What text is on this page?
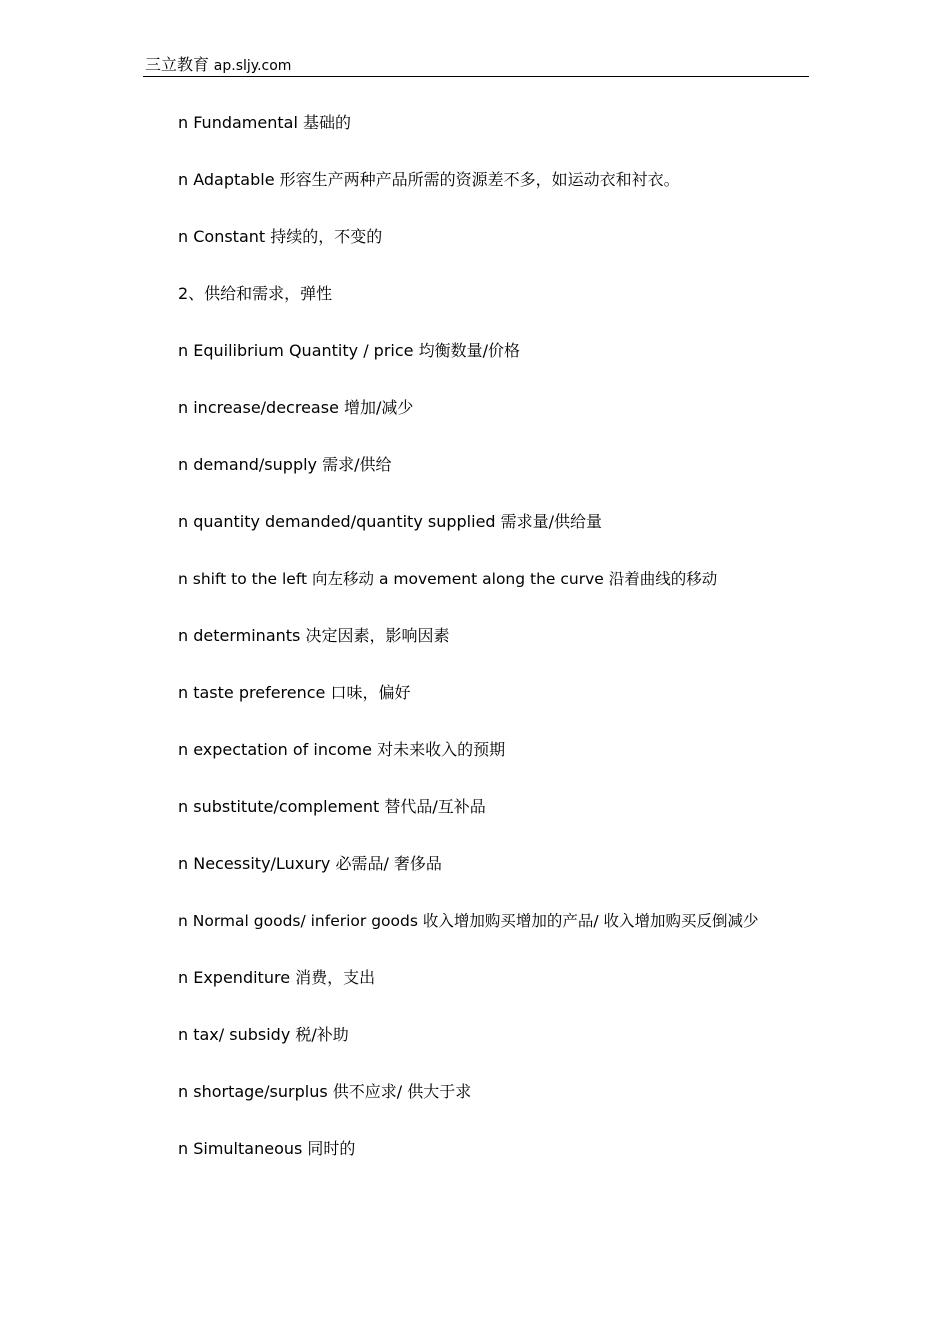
三立教育 ap.sljy.com
n Fundamental 基础的
n Adaptable 形容生产两种产品所需的资源差不多，如运动衣和衬衣。
n Constant 持续的，不变的
2、供给和需求，弹性
n Equilibrium Quantity / price 均衡数量/价格
n increase/decrease 增加/减少
n demand/supply 需求/供给
n quantity demanded/quantity supplied 需求量/供给量
n shift to the left 向左移动 a movement along the curve 沿着曲线的移动
n determinants 决定因素，影响因素
n taste preference 口味，偏好
n expectation of income 对未来收入的预期
n substitute/complement 替代品/互补品
n Necessity/Luxury 必需品/ 奢侈品
n Normal goods/ inferior goods 收入增加购买增加的产品/ 收入增加购买反倒减少
n Expenditure 消费，支出
n tax/ subsidy 税/补助
n shortage/surplus 供不应求/ 供大于求
n Simultaneous 同时的
